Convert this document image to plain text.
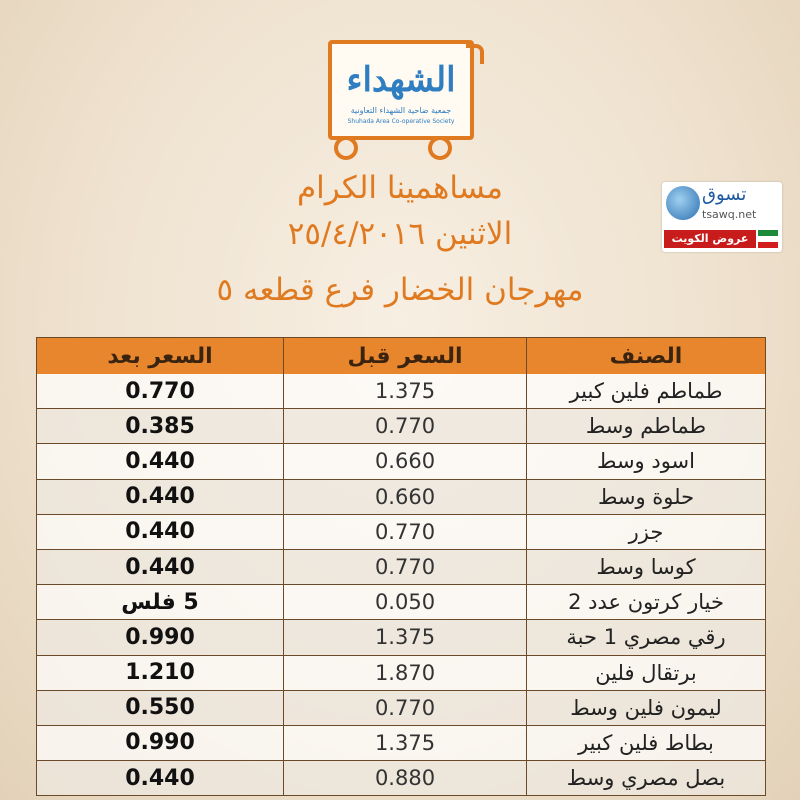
الشهداء
جمعية ضاحية الشهداء التعاونية
Shuhada Area Co-operative Society
مساهمينا الكرام
الاثنين ٢٥/٤/٢٠١٦
مهرجان الخضار فرع قطعه ٥
تسوق
tsawq.net
عروض الكويت
الصنف
السعر قبل
السعر بعد
طماطم فلين كبير
1.375
0.770
طماطم وسط
0.770
0.385
اسود وسط
0.660
0.440
حلوة وسط
0.660
0.440
جزر
0.770
0.440
كوسا وسط
0.770
0.440
خيار كرتون عدد 2
0.050
5 فلس
رقي مصري 1 حبة
1.375
0.990
برتقال فلين
1.870
1.210
ليمون فلين وسط
0.770
0.550
بطاط فلين كبير
1.375
0.990
بصل مصري وسط
0.880
0.440
